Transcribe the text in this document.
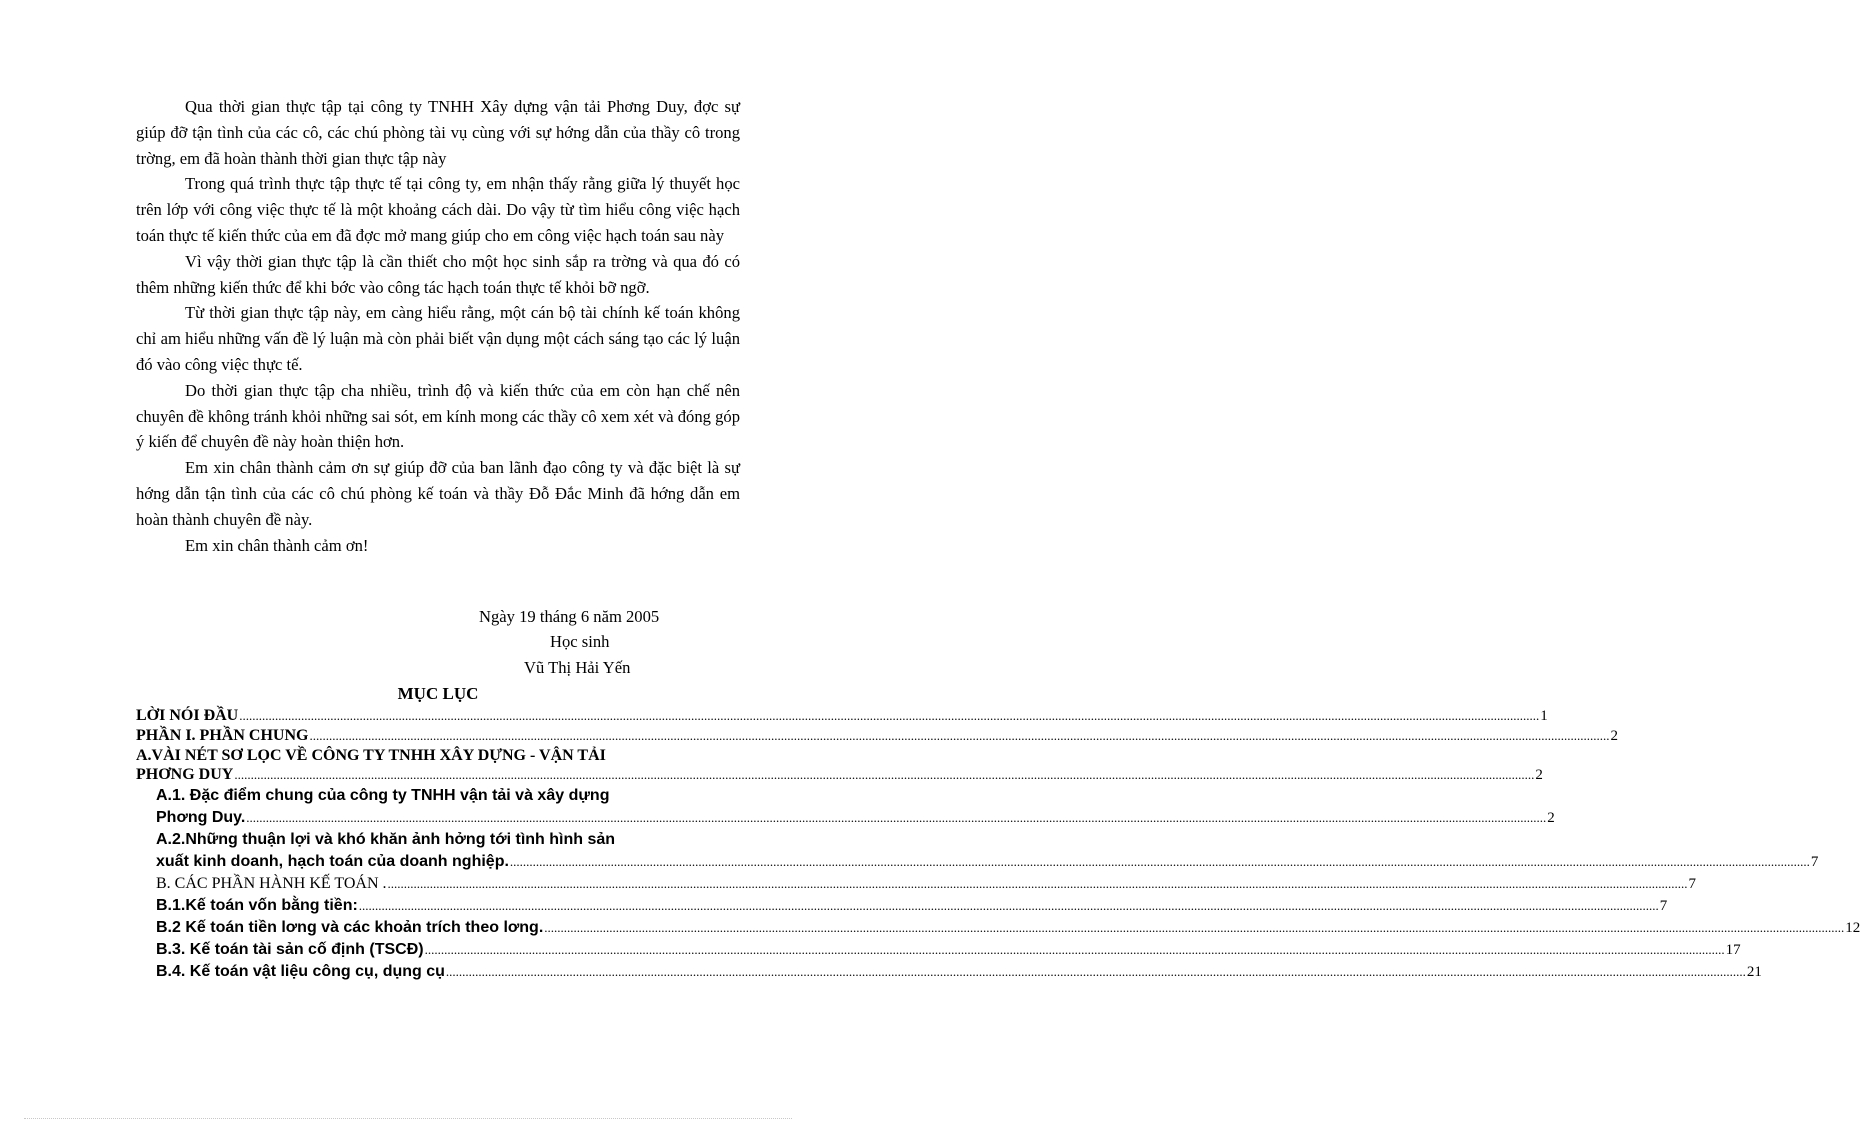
Qua thời gian thực tập tại công ty TNHH Xây dựng vận tải Phơng Duy, đợc sự giúp đỡ tận tình của các cô, các chú phòng tài vụ cùng với sự hớng dẫn của thầy cô trong trờng, em đã hoàn thành thời gian thực tập này

Trong quá trình thực tập thực tế tại công ty, em nhận thấy rằng giữa lý thuyết học trên lớp với công việc thực tế là một khoảng cách dài. Do vậy từ tìm hiểu công việc hạch toán thực tế kiến thức của em đã đợc mở mang giúp cho em công việc hạch toán sau này

Vì vậy thời gian thực tập là cần thiết cho một học sinh sắp ra trờng và qua đó có thêm những kiến thức để khi bớc vào công tác hạch toán thực tế khỏi bỡ ngỡ.

Từ thời gian thực tập này, em càng hiểu rằng, một cán bộ tài chính kế toán không chỉ am hiểu những vấn đề lý luận mà còn phải biết vận dụng một cách sáng tạo các lý luận đó vào công việc thực tế.

Do thời gian thực tập cha nhiều, trình độ và kiến thức của em còn hạn chế nên chuyên đề không tránh khỏi những sai sót, em kính mong các thầy cô xem xét và đóng góp ý kiến để chuyên đề này hoàn thiện hơn.

Em xin chân thành cảm ơn sự giúp đỡ của ban lãnh đạo công ty và đặc biệt là sự hớng dẫn tận tình của các cô chú phòng kế toán và thầy Đỗ Đắc Minh đã hớng dẫn em hoàn thành chuyên đề này.

Em xin chân thành cảm ơn!

Ngày 19 tháng 6 năm 2005
Học sinh
Vũ Thị Hải Yến
MỤC LỤC
LỜI NÓI ĐẦU ................................................................................................................................................................................................................................................................................................................................................................................................................ 1
PHẦN I. PHẦN CHUNG ................................................................................................................................................................................................................................................................................................................................................................................................................ 2
A.VÀI NÉT SƠ LỌC VỀ CÔNG TY TNHH XÂY DỰNG - VẬN TẢI
PHƠNG DUY ................................................................................................................................................................................................................................................................................................................................................................................................................ 2
A.1. Đặc điểm chung của công ty TNHH vận tải và xây dựng
Phơng Duy. ................................................................................................................................................................................................................................................................................................................................................................................................................ 2
A.2.Những thuận lợi và khó khăn ảnh hởng tới tình hình sản
xuất kinh doanh, hạch toán của doanh nghiệp. ................................................................................................................................................................................................................................................................................................................................................................................................................ 7
B. CÁC PHẦN HÀNH KẾ TOÁN . ................................................................................................................................................................................................................................................................................................................................................................................................................ 7
B.1.Kế toán vốn bằng tiền: ................................................................................................................................................................................................................................................................................................................................................................................................................ 7
B.2 Kế toán tiền lơng và các khoản trích theo lơng. ................................................................................................................................................................................................................................................................................................................................................................................................................ 12
B.3. Kế toán tài sản cố định (TSCĐ) ................................................................................................................................................................................................................................................................................................................................................................................................................ 17
B.4. Kế toán vật liệu công cụ, dụng cụ ................................................................................................................................................................................................................................................................................................................................................................................................................ 21
